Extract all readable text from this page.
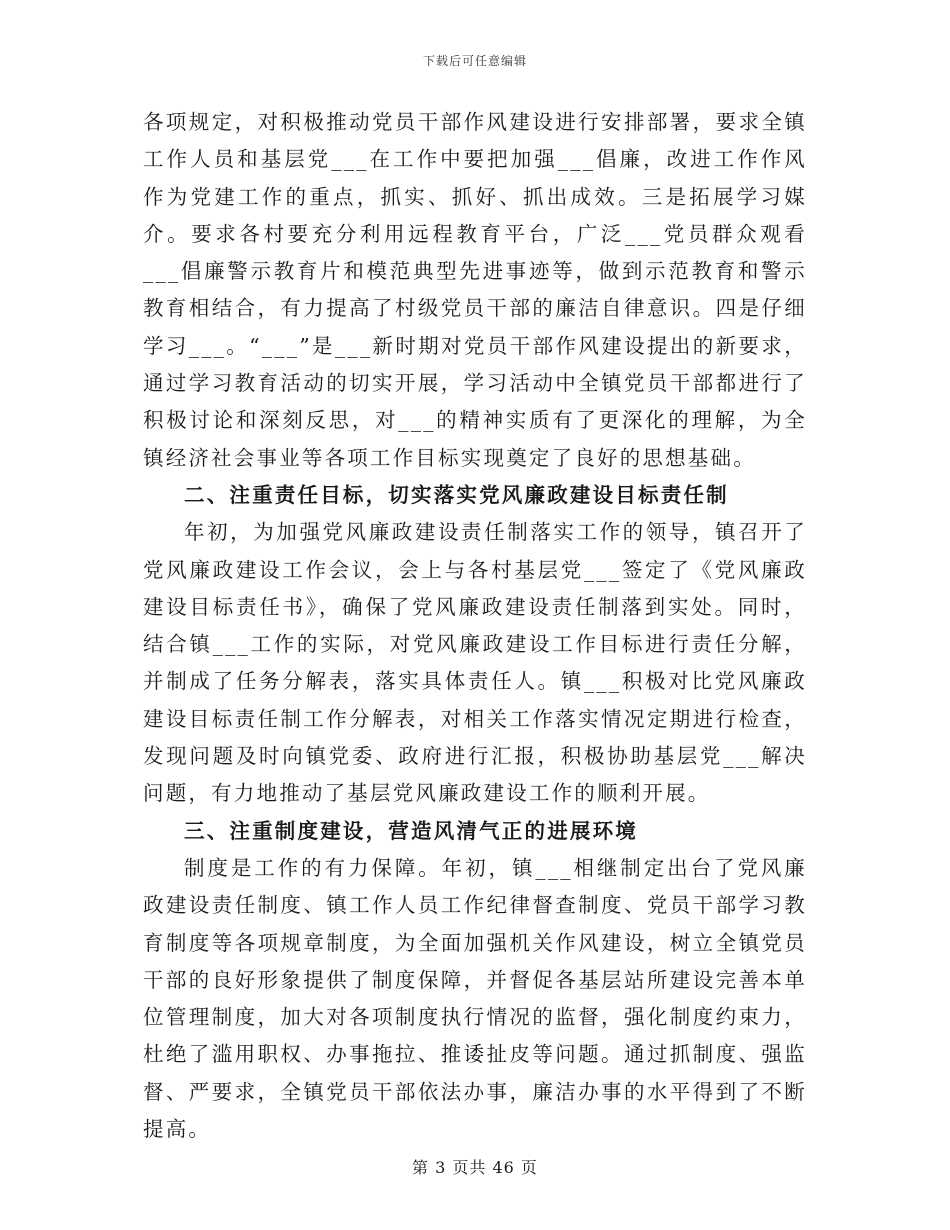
下载后可任意编辑

各项规定，对积极推动党员干部作风建设进行安排部署，要求全镇工作人员和基层党___在工作中要把加强___倡廉，改进工作作风作为党建工作的重点，抓实、抓好、抓出成效。三是拓展学习媒介。要求各村要充分利用远程教育平台，广泛___党员群众观看___倡廉警示教育片和模范典型先进事迹等，做到示范教育和警示教育相结合，有力提高了村级党员干部的廉洁自律意识。四是仔细学习___。“___”是___新时期对党员干部作风建设提出的新要求，通过学习教育活动的切实开展，学习活动中全镇党员干部都进行了积极讨论和深刻反思，对___的精神实质有了更深化的理解，为全镇经济社会事业等各项工作目标实现奠定了良好的思想基础。

二、注重责任目标，切实落实党风廉政建设目标责任制

年初，为加强党风廉政建设责任制落实工作的领导，镇召开了党风廉政建设工作会议，会上与各村基层党___签定了《党风廉政建设目标责任书》，确保了党风廉政建设责任制落到实处。同时，结合镇___工作的实际，对党风廉政建设工作目标进行责任分解，并制成了任务分解表，落实具体责任人。镇___积极对比党风廉政建设目标责任制工作分解表，对相关工作落实情况定期进行检查，发现问题及时向镇党委、政府进行汇报，积极协助基层党___解决问题，有力地推动了基层党风廉政建设工作的顺利开展。

三、注重制度建设，营造风清气正的进展环境

制度是工作的有力保障。年初，镇___相继制定出台了党风廉政建设责任制度、镇工作人员工作纪律督查制度、党员干部学习教育制度等各项规章制度，为全面加强机关作风建设，树立全镇党员干部的良好形象提供了制度保障，并督促各基层站所建设完善本单位管理制度，加大对各项制度执行情况的监督，强化制度约束力，杜绝了滥用职权、办事拖拉、推诿扯皮等问题。通过抓制度、强监督、严要求，全镇党员干部依法办事，廉洁办事的水平得到了不断提高。

第 3 页共 46 页
